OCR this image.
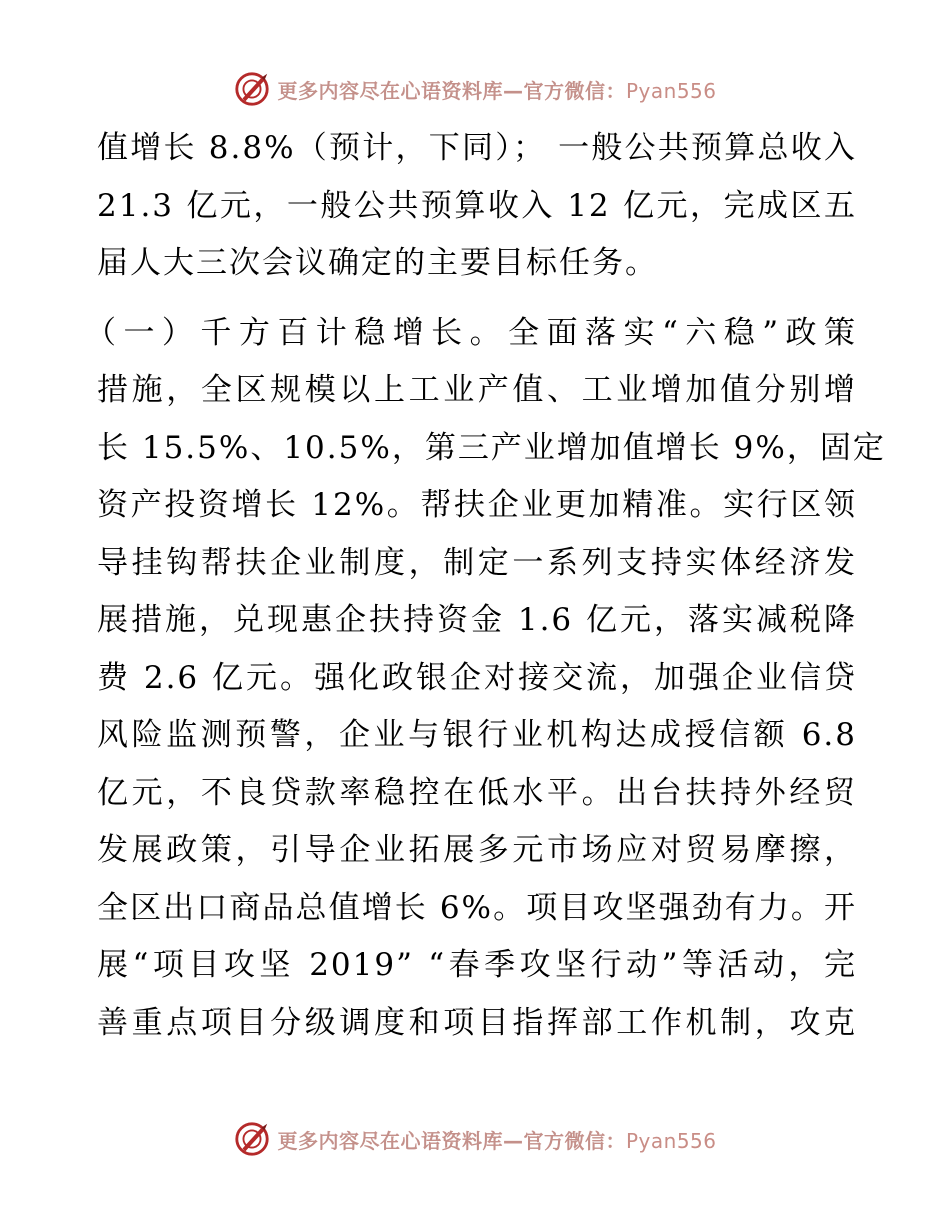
更多内容尽在心语资料库—官方微信：Pyan556
值增长 8.8%（预计，下同）； 一般公共预算总收入
21.3 亿元，一般公共预算收入 12 亿元，完成区五
届人大三次会议确定的主要目标任务。
（一）千方百计稳增长。全面落实“六稳”政策
措施，全区规模以上工业产值、工业增加值分别增
长 15.5%、10.5%，第三产业增加值增长 9%，固定
资产投资增长 12%。帮扶企业更加精准。实行区领
导挂钩帮扶企业制度，制定一系列支持实体经济发
展措施，兑现惠企扶持资金 1.6 亿元，落实减税降
费 2.6 亿元。强化政银企对接交流，加强企业信贷
风险监测预警，企业与银行业机构达成授信额 6.8
亿元，不良贷款率稳控在低水平。出台扶持外经贸
发展政策，引导企业拓展多元市场应对贸易摩擦，
全区出口商品总值增长 6%。项目攻坚强劲有力。开
展“项目攻坚 2019” “春季攻坚行动”等活动，完
善重点项目分级调度和项目指挥部工作机制，攻克
更多内容尽在心语资料库—官方微信：Pyan556
